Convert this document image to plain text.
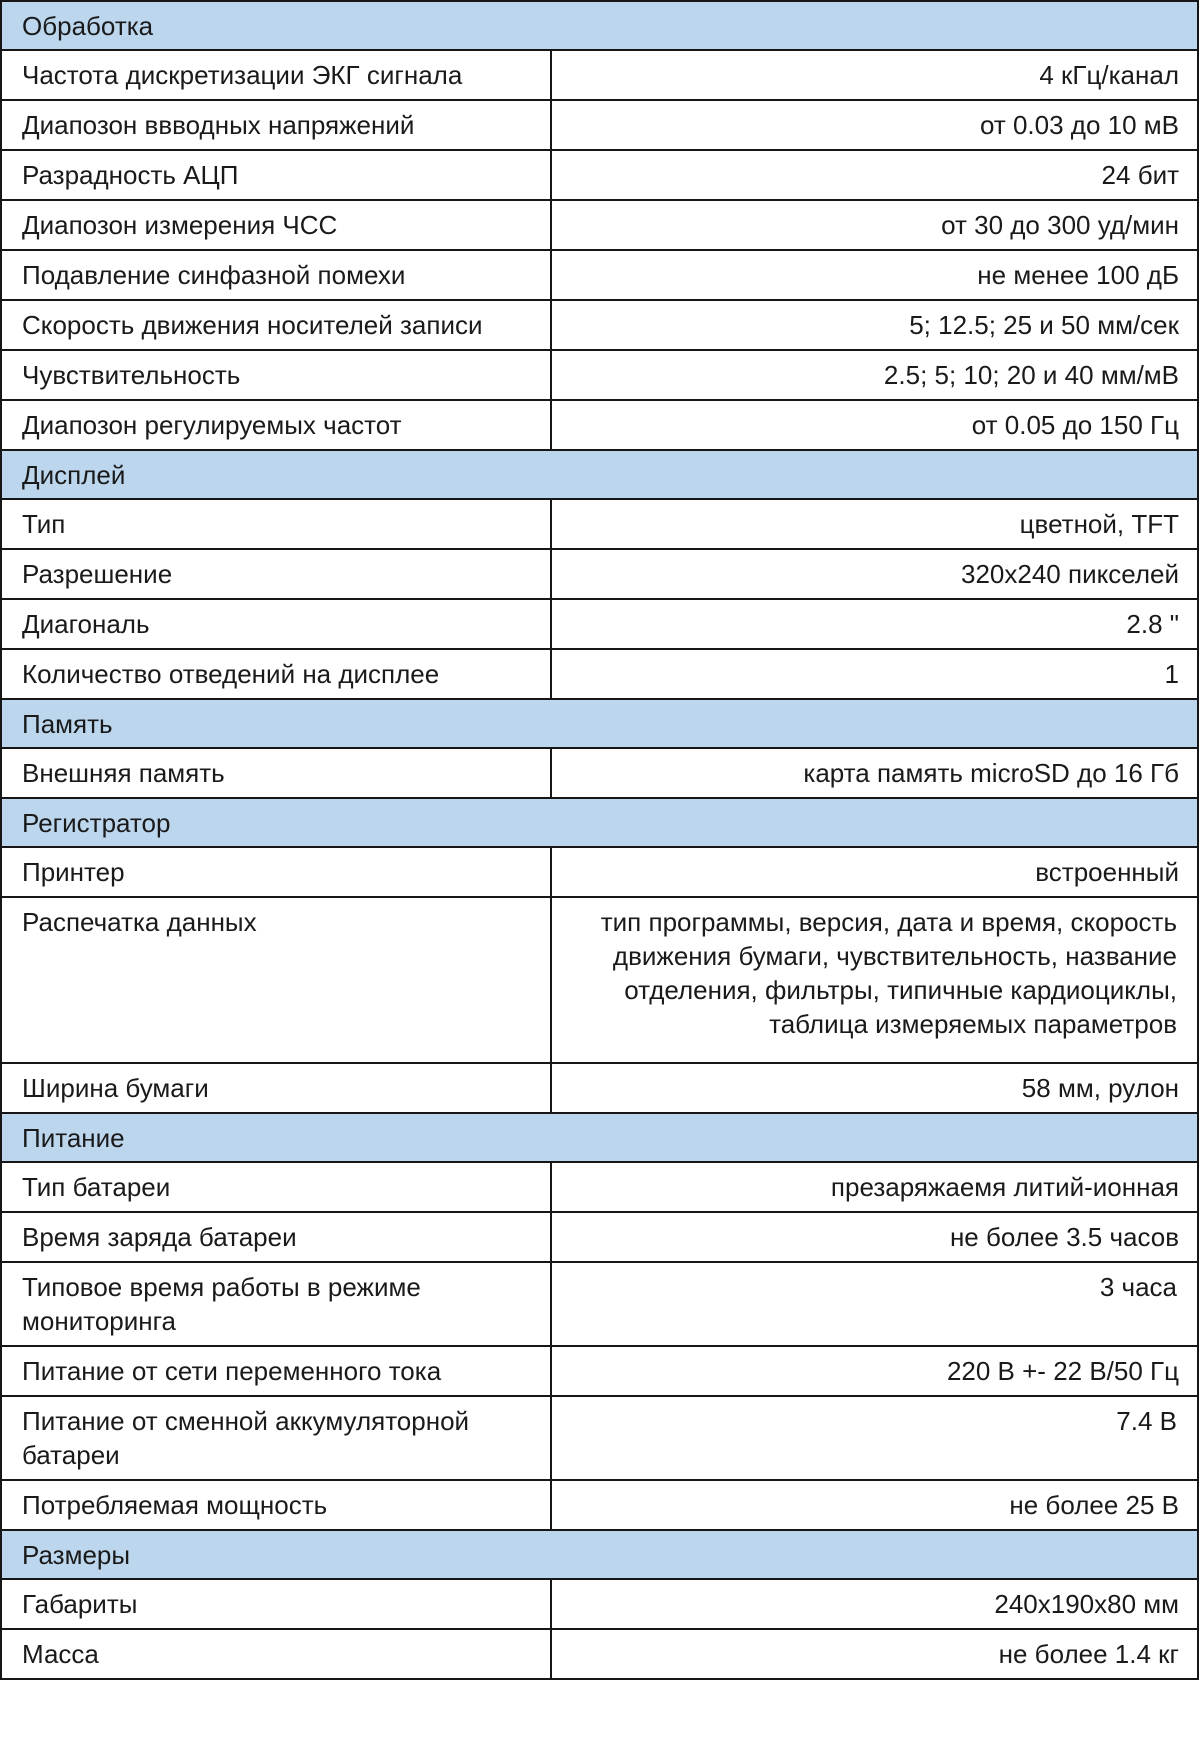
Обработка	
Частота дискретизации ЭКГ сигнала	4 кГц/канал
Диапозон ввводных напряжений	от 0.03 до 10 мВ
Разрадность АЦП	24 бит
Диапозон измерения ЧСС	от 30 до 300 уд/мин
Подавление синфазной помехи	не менее 100 дБ
Скорость движения носителей записи	5; 12.5; 25 и 50 мм/сек
Чувствительность	2.5; 5; 10; 20 и 40 мм/мВ
Диапозон регулируемых частот	от 0.05 до 150 Гц
Дисплей	
Тип	цветной, TFT
Разрешение	320x240 пикселей
Диагональ	2.8 "
Количество отведений на дисплее	1
Память	
Внешняя память	карта память microSD до 16 Гб
Регистратор	
Принтер	встроенный
Распечатка данных	тип программы, версия, дата и время, скорость движения бумаги, чувствительность, название отделения, фильтры, типичные кардиоциклы, таблица измеряемых параметров
Ширина бумаги	58 мм, рулон
Питание	
Тип батареи	презаряжаемя литий-ионная
Время заряда батареи	не более 3.5 часов
Типовое время работы в режиме мониторинга	3 часа
Питание от сети переменного тока	220 В +- 22 В/50 Гц
Питание от сменной аккумуляторной батареи	7.4 В
Потребляемая мощность	не более 25 В
Размеры	
Габариты	240x190x80 мм
Масса	не более 1.4 кг
